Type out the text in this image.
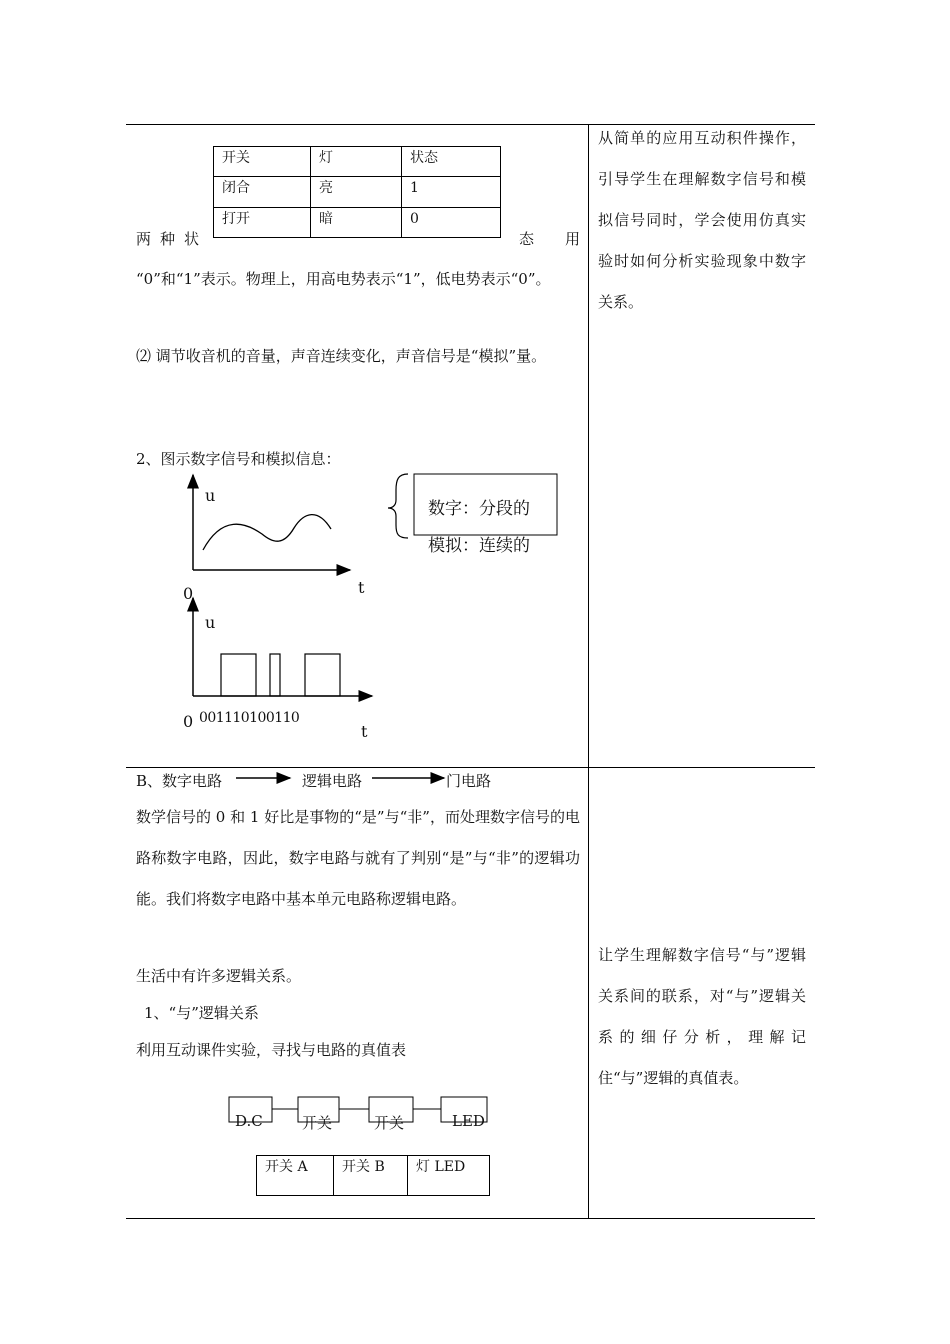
开关	灯	状态
闭合	亮	1
打开	暗	0
两种状	态 用
“0”和“1”表示。物理上，用高电势表示“1”，低电势表示“0”。
⑵ 调节收音机的音量，声音连续变化，声音信号是“模拟”量。
2、图示数字信号和模拟信息：
u
t
0
u
0 0 0 1 1 1 0 1 0 0 1 1 0
t
数字：分段的
模拟：连续的
从简单的应用互动积件操作，引导学生在理解数字信号和模拟信号同时，学会使用仿真实验时如何分析实验现象中数字关系。
B、数字电路	逻辑电路	门电路
数学信号的 0 和 1 好比是事物的“是”与“非”，而处理数字信号的电路称数字电路，因此，数字电路与就有了判别“是”与“非”的逻辑功能。我们将数字电路中基本单元电路称逻辑电路。
生活中有许多逻辑关系。
1、“与”逻辑关系
利用互动课件实验，寻找与电路的真值表
D.C	开关	开关	LED
开关 A	开关 B	灯 LED
让学生理解数字信号“与”逻辑关系间的联系，对“与”逻辑关系的细仔分析，理解记住“与”逻辑的真值表。
